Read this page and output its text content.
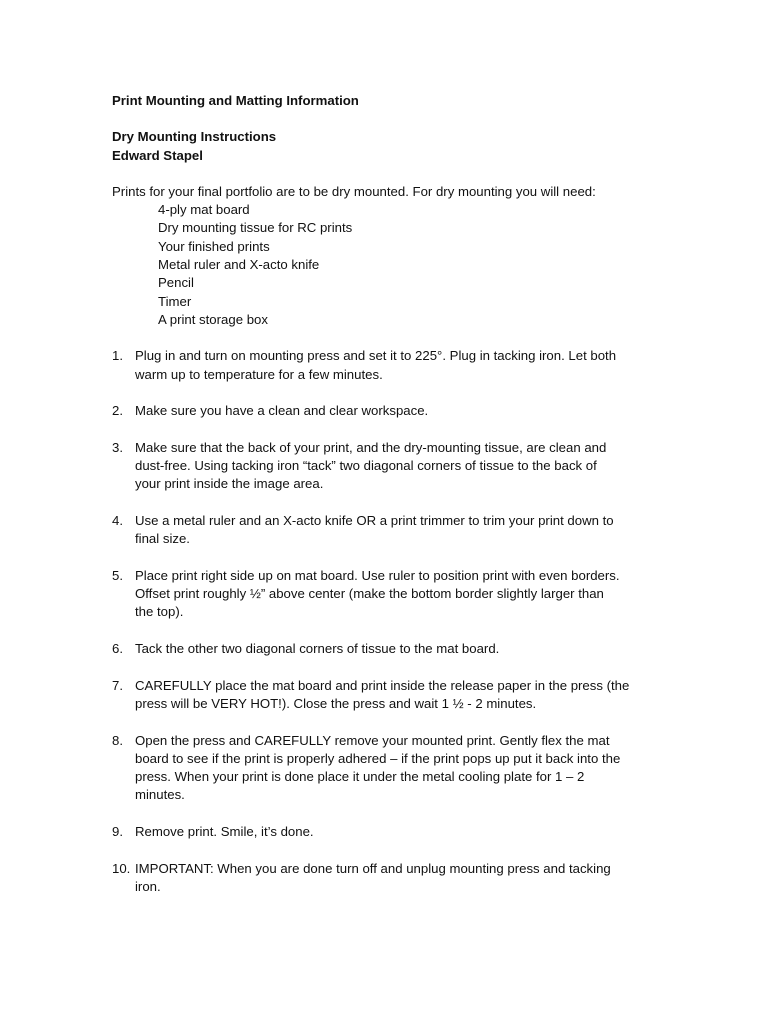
Print Mounting and Matting Information
Dry Mounting Instructions
Edward Stapel
Prints for your final portfolio are to be dry mounted. For dry mounting you will need:
4-ply mat board
Dry mounting tissue for RC prints
Your finished prints
Metal ruler and X-acto knife
Pencil
Timer
A print storage box
1. Plug in and turn on mounting press and set it to 225°. Plug in tacking iron. Let both
warm up to temperature for a few minutes.
2. Make sure you have a clean and clear workspace.
3. Make sure that the back of your print, and the dry-mounting tissue, are clean and
dust-free. Using tacking iron “tack” two diagonal corners of tissue to the back of
your print inside the image area.
4. Use a metal ruler and an X-acto knife OR a print trimmer to trim your print down to
final size.
5. Place print right side up on mat board. Use ruler to position print with even borders.
Offset print roughly ½” above center (make the bottom border slightly larger than
the top).
6. Tack the other two diagonal corners of tissue to the mat board.
7. CAREFULLY place the mat board and print inside the release paper in the press (the
press will be VERY HOT!). Close the press and wait 1 ½ - 2 minutes.
8. Open the press and CAREFULLY remove your mounted print. Gently flex the mat
board to see if the print is properly adhered – if the print pops up put it back into the
press. When your print is done place it under the metal cooling plate for 1 – 2
minutes.
9. Remove print. Smile, it’s done.
10. IMPORTANT: When you are done turn off and unplug mounting press and tacking
iron.
